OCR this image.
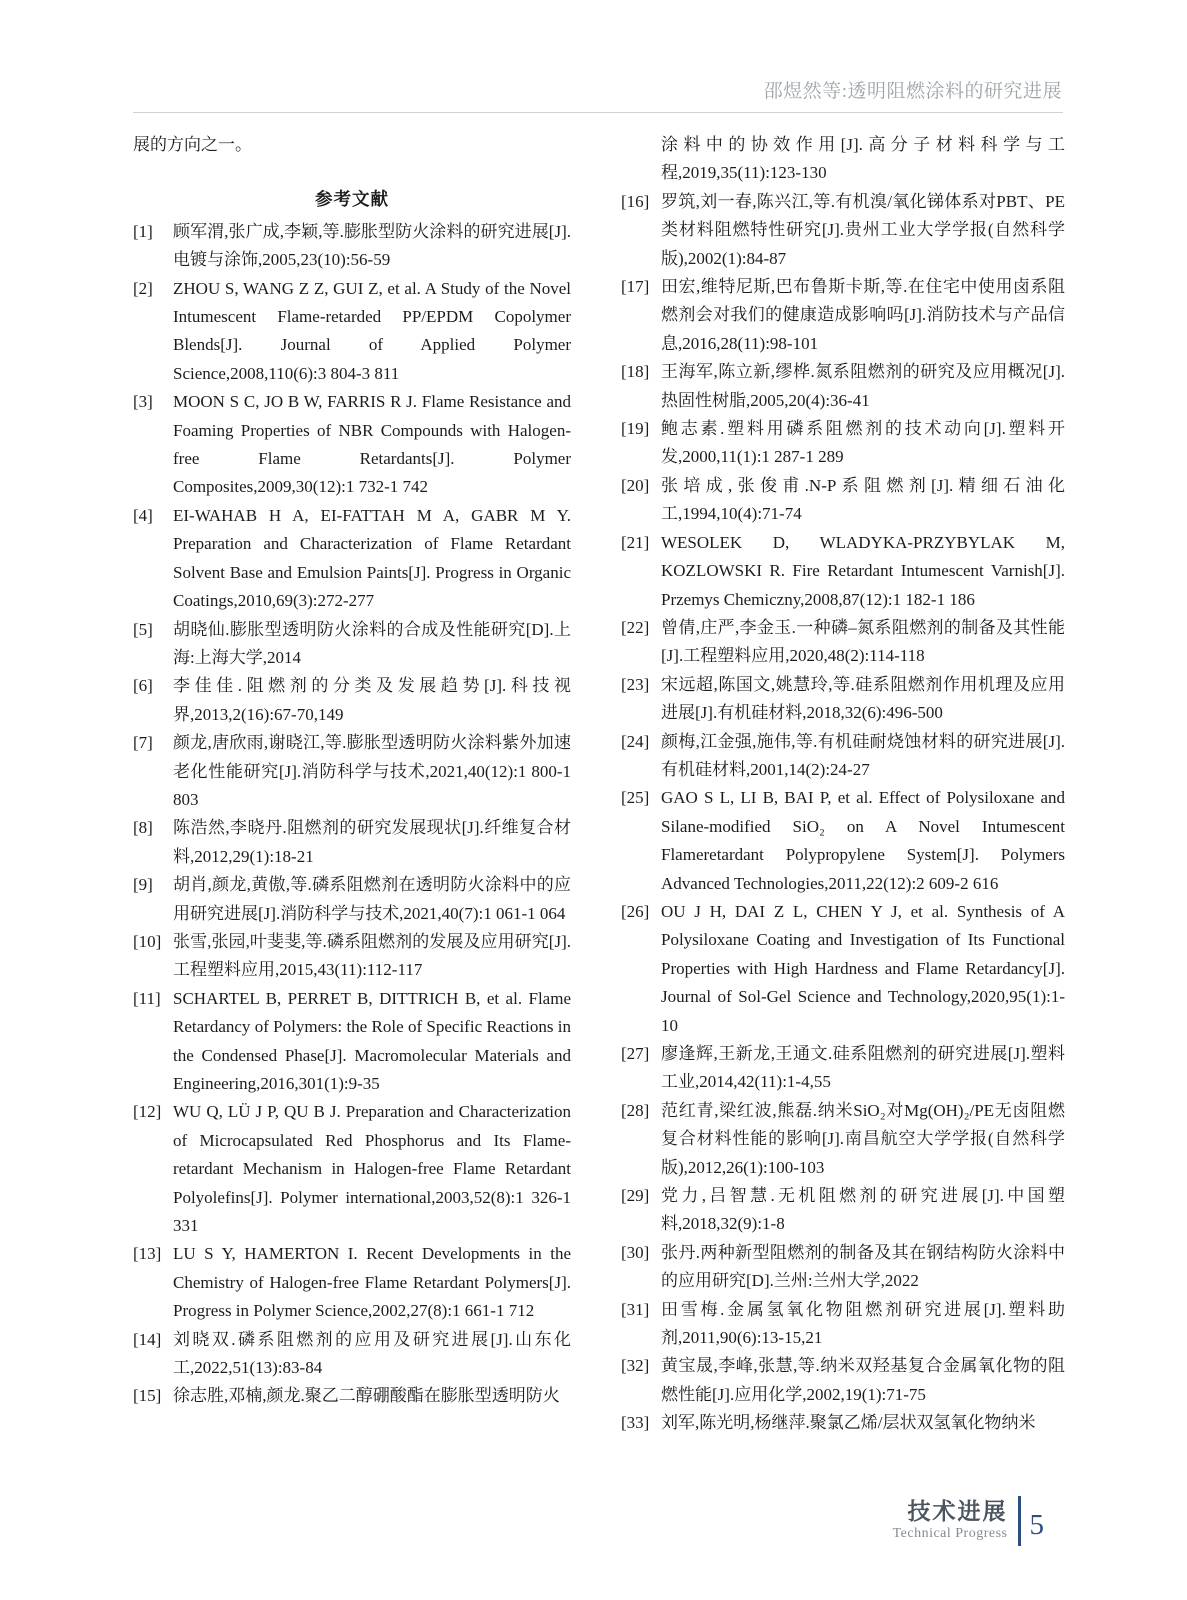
邵煜然等:透明阻燃涂料的研究进展

展的方向之一。

参考文献
[1]	顾军渭,张广成,李颖,等.膨胀型防火涂料的研究进展[J].电镀与涂饰,2005,23(10):56-59
[2]	ZHOU S, WANG Z Z, GUI Z, et al. A Study of the Novel Intumescent Flame-retarded PP/EPDM Copolymer Blends[J]. Journal of Applied Polymer Science,2008,110(6):3 804-3 811
[3]	MOON S C, JO B W, FARRIS R J. Flame Resistance and Foaming Properties of NBR Compounds with Halogen-free Flame Retardants[J]. Polymer Composites,2009,30(12):1 732-1 742
[4]	EI-WAHAB H A, EI-FATTAH M A, GABR M Y. Preparation and Characterization of Flame Retardant Solvent Base and Emulsion Paints[J]. Progress in Organic Coatings,2010,69(3):272-277
[5]	胡晓仙.膨胀型透明防火涂料的合成及性能研究[D].上海:上海大学,2014
[6]	李佳佳.阻燃剂的分类及发展趋势[J].科技视界,2013,2(16):67-70,149
[7]	颜龙,唐欣雨,谢晓江,等.膨胀型透明防火涂料紫外加速老化性能研究[J].消防科学与技术,2021,40(12):1 800-1 803
[8]	陈浩然,李晓丹.阻燃剂的研究发展现状[J].纤维复合材料,2012,29(1):18-21
[9]	胡肖,颜龙,黄傲,等.磷系阻燃剂在透明防火涂料中的应用研究进展[J].消防科学与技术,2021,40(7):1 061-1 064
[10] 张雪,张园,叶斐斐,等.磷系阻燃剂的发展及应用研究[J].工程塑料应用,2015,43(11):112-117
[11] SCHARTEL B, PERRET B, DITTRICH B, et al. Flame Retardancy of Polymers: the Role of Specific Reactions in the Condensed Phase[J]. Macromolecular Materials and Engineering,2016,301(1):9-35
[12] WU Q, LÜ J P, QU B J. Preparation and Characterization of Microcapsulated Red Phosphorus and Its Flame-retardant Mechanism in Halogen-free Flame Retardant Polyolefins[J]. Polymer international,2003,52(8):1 326-1 331
[13] LU S Y, HAMERTON I. Recent Developments in the Chemistry of Halogen-free Flame Retardant Polymers[J]. Progress in Polymer Science,2002,27(8):1 661-1 712
[14] 刘晓双.磷系阻燃剂的应用及研究进展[J].山东化工,2022,51(13):83-84
[15] 徐志胜,邓楠,颜龙.聚乙二醇硼酸酯在膨胀型透明防火
涂料中的协效作用[J].高分子材料科学与工程,2019,35(11):123-130
[16] 罗筑,刘一春,陈兴江,等.有机溴/氧化锑体系对PBT、PE类材料阻燃特性研究[J].贵州工业大学学报(自然科学版),2002(1):84-87
[17] 田宏,维特尼斯,巴布鲁斯卡斯,等.在住宅中使用卤系阻燃剂会对我们的健康造成影响吗[J].消防技术与产品信息,2016,28(11):98-101
[18] 王海军,陈立新,缪桦.氮系阻燃剂的研究及应用概况[J].热固性树脂,2005,20(4):36-41
[19] 鲍志素.塑料用磷系阻燃剂的技术动向[J].塑料开发,2000,11(1):1 287-1 289
[20] 张培成,张俊甫.N-P系阻燃剂[J].精细石油化工,1994,10(4):71-74
[21] WESOLEK D, WLADYKA-PRZYBYLAK M, KOZLOWSKI R. Fire Retardant Intumescent Varnish[J]. Przemys Chemiczny,2008,87(12):1 182-1 186
[22] 曾倩,庄严,李金玉.一种磷–氮系阻燃剂的制备及其性能[J].工程塑料应用,2020,48(2):114-118
[23] 宋远超,陈国文,姚慧玲,等.硅系阻燃剂作用机理及应用进展[J].有机硅材料,2018,32(6):496-500
[24] 颜梅,江金强,施伟,等.有机硅耐烧蚀材料的研究进展[J].有机硅材料,2001,14(2):24-27
[25] GAO S L, LI B, BAI P, et al. Effect of Polysiloxane and Silane-modified SiO₂ on A Novel Intumescent Flameretardant Polypropylene System[J]. Polymers Advanced Technologies,2011,22(12):2 609-2 616
[26] OU J H, DAI Z L, CHEN Y J, et al. Synthesis of A Polysiloxane Coating and Investigation of Its Functional Properties with High Hardness and Flame Retardancy[J]. Journal of Sol-Gel Science and Technology,2020,95(1):1-10
[27] 廖逢辉,王新龙,王通文.硅系阻燃剂的研究进展[J].塑料工业,2014,42(11):1-4,55
[28] 范红青,梁红波,熊磊.纳米SiO₂对Mg(OH)₂/PE无卤阻燃复合材料性能的影响[J].南昌航空大学学报(自然科学版),2012,26(1):100-103
[29] 党力,吕智慧.无机阻燃剂的研究进展[J].中国塑料,2018,32(9):1-8
[30] 张丹.两种新型阻燃剂的制备及其在钢结构防火涂料中的应用研究[D].兰州:兰州大学,2022
[31] 田雪梅.金属氢氧化物阻燃剂研究进展[J].塑料助剂,2011,90(6):13-15,21
[32] 黄宝晟,李峰,张慧,等.纳米双羟基复合金属氧化物的阻燃性能[J].应用化学,2002,19(1):71-75
[33] 刘军,陈光明,杨继萍.聚氯乙烯/层状双氢氧化物纳米
技术进展
Technical Progress 5
